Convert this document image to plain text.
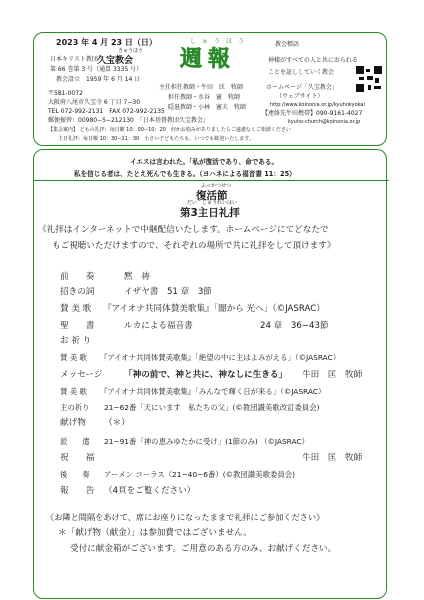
2023 年 4 月 23 日（日）
きゅうほう
日本キリスト教団 久宝教会
第 66 巻第 3 号（通算 3335 号）
教会設立　1959 年 6 月 14 日
〒581-0072
大阪府八尾市久宝寺 6 丁目 7−30
TEL 072-992-2131　FAX 072-992-2135
しゅうほう
週報
主任担任教師・牛田　匡　牧師
担任教師・水谷　憲　牧師
隠退教師・小林　憲夫　牧師
教会標語
神様がすべての人と共におられる
ことを証ししていく教会
ホームページ「久宝教会」
（ウェブサイト）
http://www.koinonia.or.jp/kyuhokyokai
【連絡先牛田携帯】090-9161-4027
kyuho-church@koinonia.or.jp
郵便振替：00980−5−212130　「日本基督教団久宝教会」
【集会案内】 どもの礼拝：毎日曜 10：00−10：20　何かお悩みがありましたらご遠慮なくご相談ください
主日礼拝：毎日曜 10：30−11：30　小さい子どもたちも、いつでも歓迎いたします。
イエスは言われた。「私が復活であり、命である。
私を信じる者は、たとえ死んでも生きる。（ヨハネによる福音書 11：25）
ふっかつせつ
復活節
だい　しゅうれいはい
第3主日礼拝
《礼拝はインターネットで中継配信いたします。ホームページにてどなたで
もご視聴いただけますので、それぞれの場所で共に礼拝をして頂けます》
前　　奏	黙　祷
招きの詞	イザヤ書　51 章　3節
賛 美 歌 『アイオナ共同体賛美歌集』「闇から 光へ」（©JASRAC）
聖　　書	ルカによる福音書	24 章　36−43節
お 祈 り
賛 美 歌 『アイオナ共同体賛美歌集』「絶望の中に主はよみがえる」（©JASRAC）
メッセージ	「神の前で、神と共に、神なしに生きる」 牛田　匡　牧師
賛 美 歌 『アイオナ共同体賛美歌集』「みんなで輝く日が来る」（©JASRAC）
主の祈り 21−62番「天にいます　私たちの父」(©教団讃美歌改訂委員会)
献げ物 （＊）
派　　遣 21−91番「神の恵みゆたかに受け」(1節のみ) （©JASRAC）
祝　　福	牛田　匡　牧師
後　　奏 アーメン コーラス（21−40−6番）(©教団讃美歌委員会)
報　　告 （4頁をご覧ください）
《お隣と間隔をあけて、席にお座りになったままで礼拝にご参加ください》
＊「献げ物（献金）」は参加費ではございません。
受付に献金箱がございます。ご用意のある方のみ、お献げください。
